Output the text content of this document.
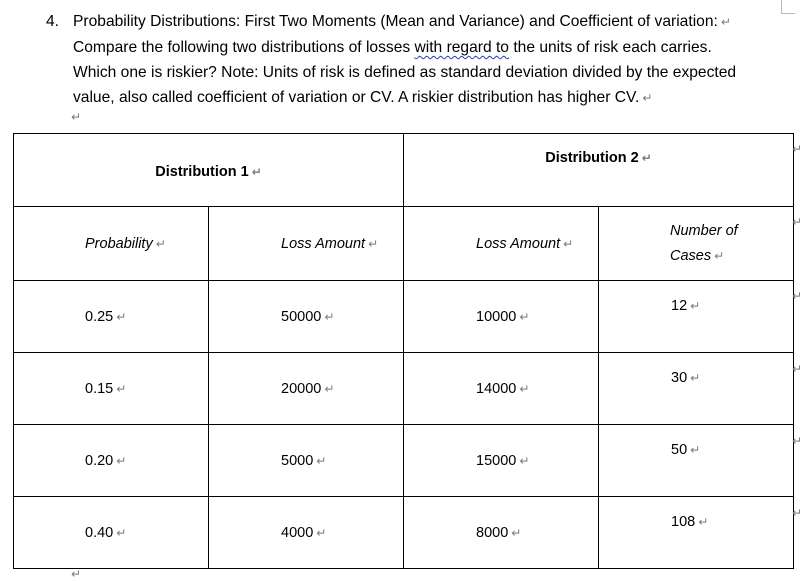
4. Probability Distributions: First Two Moments (Mean and Variance) and Coefficient of variation: ↵
Compare the following two distributions of losses with regard to the units of risk each carries.
Which one is riskier? Note: Units of risk is defined as standard deviation divided by the expected
value, also called coefficient of variation or CV. A riskier distribution has higher CV. ↵
↵
Distribution 1 ↵		Distribution 2 ↵	
Probability ↵	Loss Amount ↵	Loss Amount ↵	Number of
Cases ↵
0.25 ↵	50000 ↵	10000 ↵	12 ↵
0.15 ↵	20000 ↵	14000 ↵	30 ↵
0.20 ↵	5000 ↵	15000 ↵	50 ↵
0.40 ↵	4000 ↵	8000 ↵	108 ↵
↵
↵
↵
↵
↵
↵
↵
